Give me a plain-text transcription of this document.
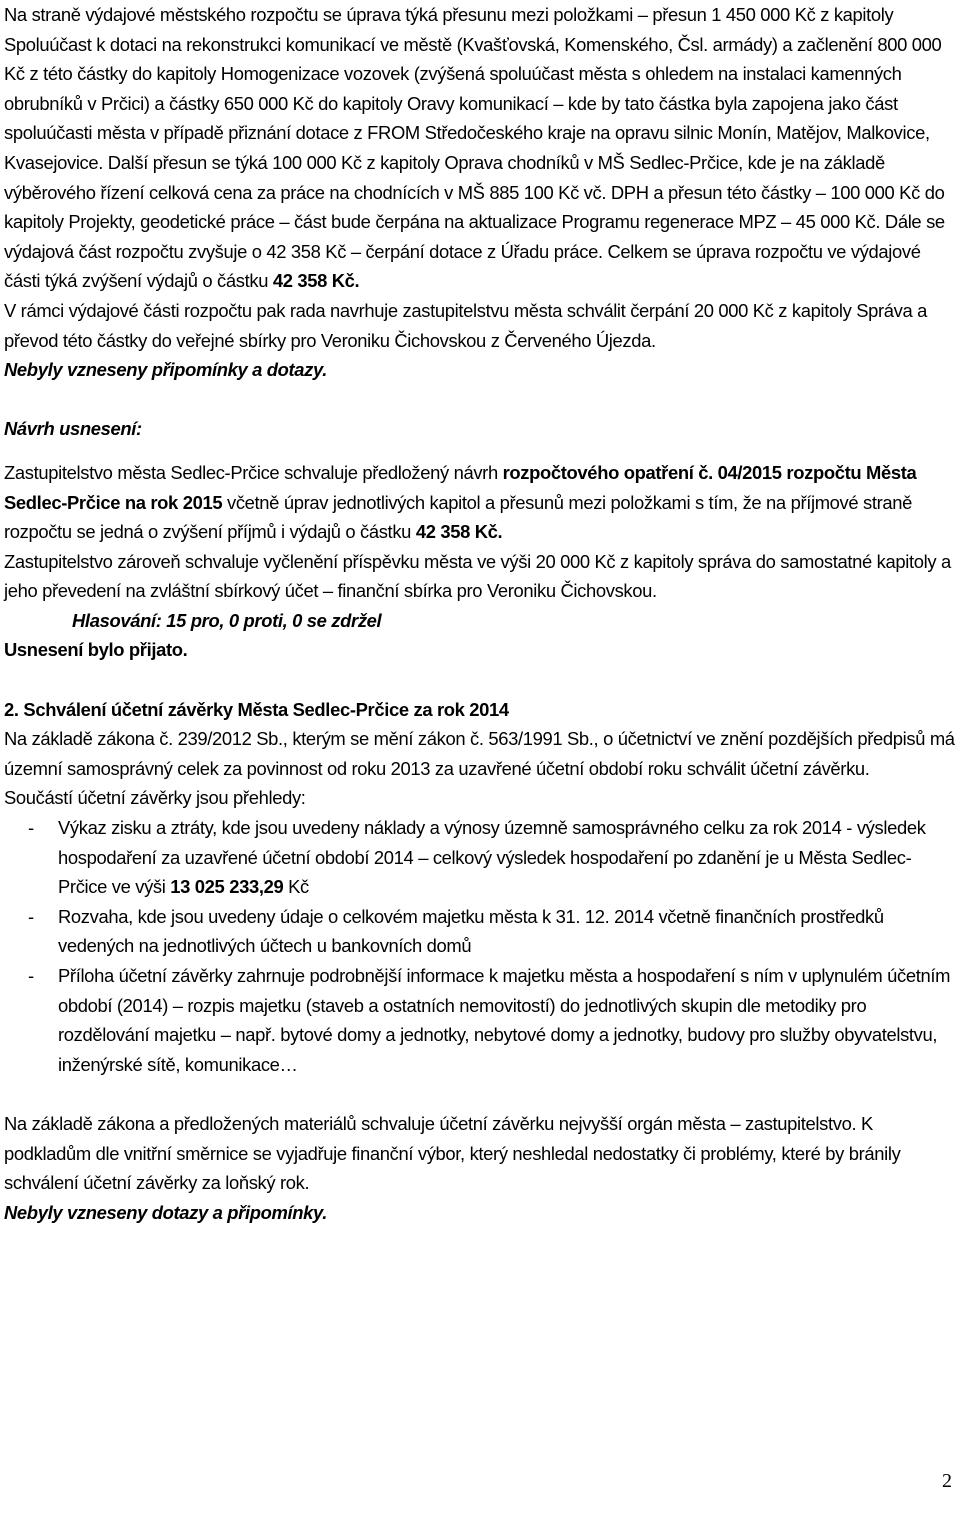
Na straně výdajové městského rozpočtu se úprava týká přesunu mezi položkami – přesun 1 450 000 Kč z kapitoly Spoluúčast k dotaci na rekonstrukci komunikací ve městě (Kvašťovská, Komenského, Čsl. armády) a začlenění 800 000 Kč z této částky do kapitoly Homogenizace vozovek (zvýšená spoluúčast města s ohledem na instalaci kamenných obrubníků v Prčici) a částky 650 000 Kč do kapitoly Oravy komunikací – kde by tato částka byla zapojena jako část spoluúčasti města v případě přiznání dotace z FROM Středočeského kraje na opravu silnic Monín, Matějov, Malkovice, Kvasejovice. Další přesun se týká 100 000 Kč z kapitoly Oprava chodníků v MŠ Sedlec-Prčice, kde je na základě výběrového řízení celková cena za práce na chodnících v MŠ 885 100 Kč vč. DPH a přesun této částky – 100 000 Kč do kapitoly Projekty, geodetické práce – část bude čerpána na aktualizace Programu regenerace MPZ – 45 000 Kč. Dále se výdajová část rozpočtu zvyšuje o 42 358 Kč – čerpání dotace z Úřadu práce. Celkem se úprava rozpočtu ve výdajové části týká zvýšení výdajů o částku 42 358 Kč.

V rámci výdajové části rozpočtu pak rada navrhuje zastupitelstvu města schválit čerpání 20 000 Kč z kapitoly Správa a převod této částky do veřejné sbírky pro Veroniku Čichovskou z Červeného Újezda.

Nebyly vzneseny připomínky a dotazy.

Návrh usnesení:

Zastupitelstvo města Sedlec-Prčice schvaluje předložený návrh rozpočtového opatření č. 04/2015 rozpočtu Města Sedlec-Prčice na rok 2015 včetně úprav jednotlivých kapitol a přesunů mezi položkami s tím, že na příjmové straně rozpočtu se jedná o zvýšení příjmů i výdajů o částku 42 358 Kč.

Zastupitelstvo zároveň schvaluje vyčlenění příspěvku města ve výši 20 000 Kč z kapitoly správa do samostatné kapitoly a jeho převedení na zvláštní sbírkový účet – finanční sbírka pro Veroniku Čichovskou.

Hlasování: 15 pro, 0 proti, 0 se zdržel

Usnesení bylo přijato.

2. Schválení účetní závěrky Města Sedlec-Prčice za rok 2014

Na základě zákona č. 239/2012 Sb., kterým se mění zákon č. 563/1991 Sb., o účetnictví ve znění pozdějších předpisů má územní samosprávný celek za povinnost od roku 2013 za uzavřené účetní období roku schválit účetní závěrku.

Součástí účetní závěrky jsou přehledy:

- Výkaz zisku a ztráty, kde jsou uvedeny náklady a výnosy územně samosprávného celku za rok 2014 - výsledek hospodaření za uzavřené účetní období 2014 – celkový výsledek hospodaření po zdanění je u Města Sedlec-Prčice ve výši 13 025 233,29 Kč
- Rozvaha, kde jsou uvedeny údaje o celkovém majetku města k 31. 12. 2014 včetně finančních prostředků vedených na jednotlivých účtech u bankovních domů
- Příloha účetní závěrky zahrnuje podrobnější informace k majetku města a hospodaření s ním v uplynulém účetním období (2014) – rozpis majetku (staveb a ostatních nemovitostí) do jednotlivých skupin dle metodiky pro rozdělování majetku – např. bytové domy a jednotky, nebytové domy a jednotky, budovy pro služby obyvatelstvu, inženýrské sítě, komunikace…

Na základě zákona a předložených materiálů schvaluje účetní závěrku nejvyšší orgán města – zastupitelstvo. K podkladům dle vnitřní směrnice se vyjadřuje finanční výbor, který neshledal nedostatky či problémy, které by bránily schválení účetní závěrky za loňský rok.

Nebyly vzneseny dotazy a připomínky.

2
